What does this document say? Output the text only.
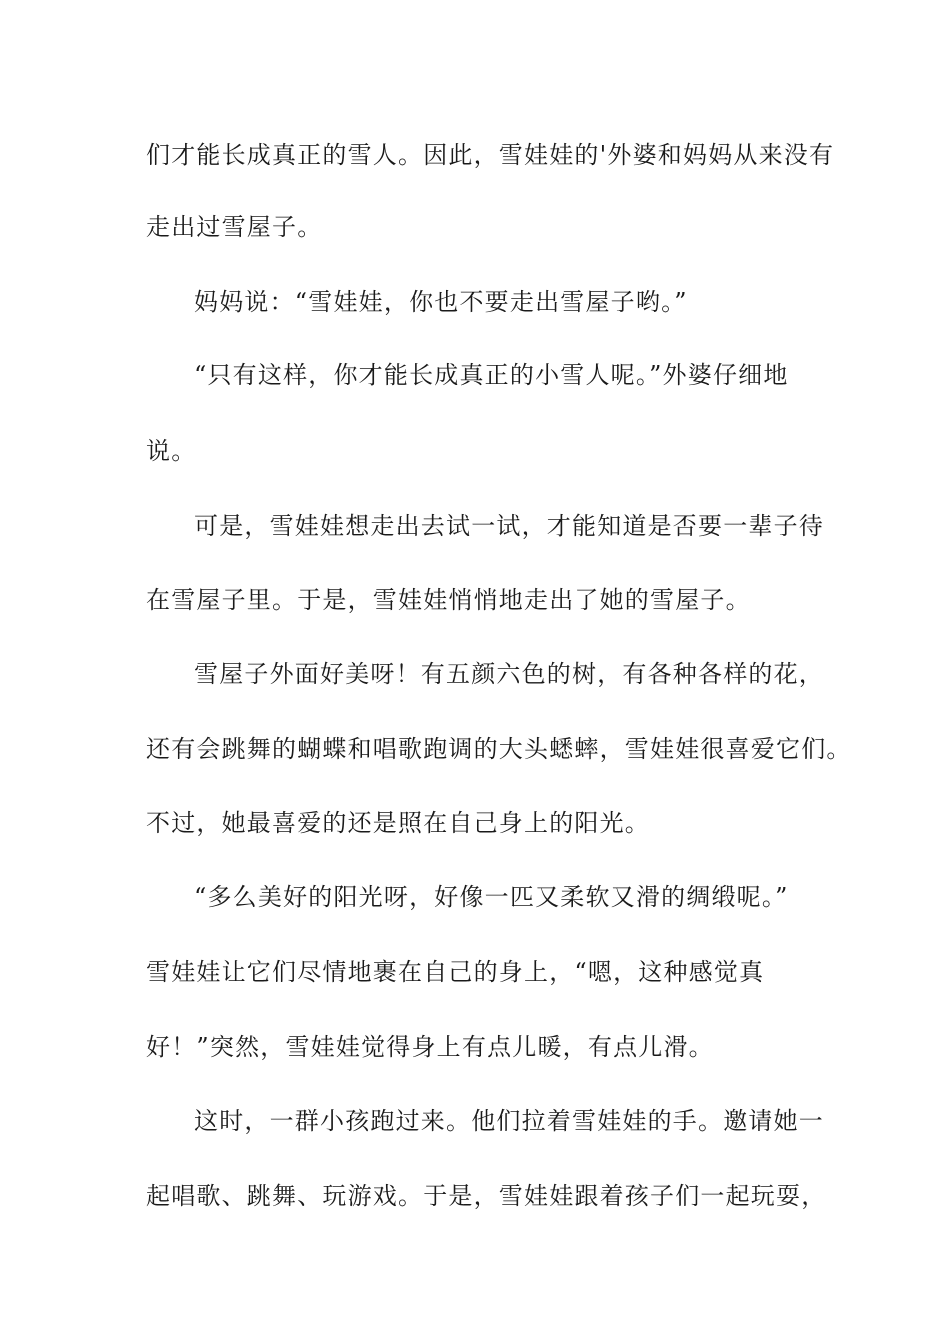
们才能长成真正的雪人。因此，雪娃娃的'外婆和妈妈从来没有
走出过雪屋子。
妈妈说：“雪娃娃，你也不要走出雪屋子哟。”
“只有这样，你才能长成真正的小雪人呢。”外婆仔细地
说。
可是，雪娃娃想走出去试一试，才能知道是否要一辈子待
在雪屋子里。于是，雪娃娃悄悄地走出了她的雪屋子。
雪屋子外面好美呀！有五颜六色的树，有各种各样的花，
还有会跳舞的蝴蝶和唱歌跑调的大头蟋蟀，雪娃娃很喜爱它们。
不过，她最喜爱的还是照在自己身上的阳光。
“多么美好的阳光呀，好像一匹又柔软又滑的绸缎呢。”
雪娃娃让它们尽情地裹在自己的身上，“嗯，这种感觉真
好！”突然，雪娃娃觉得身上有点儿暖，有点儿滑。
这时，一群小孩跑过来。他们拉着雪娃娃的手。邀请她一
起唱歌、跳舞、玩游戏。于是，雪娃娃跟着孩子们一起玩耍，
